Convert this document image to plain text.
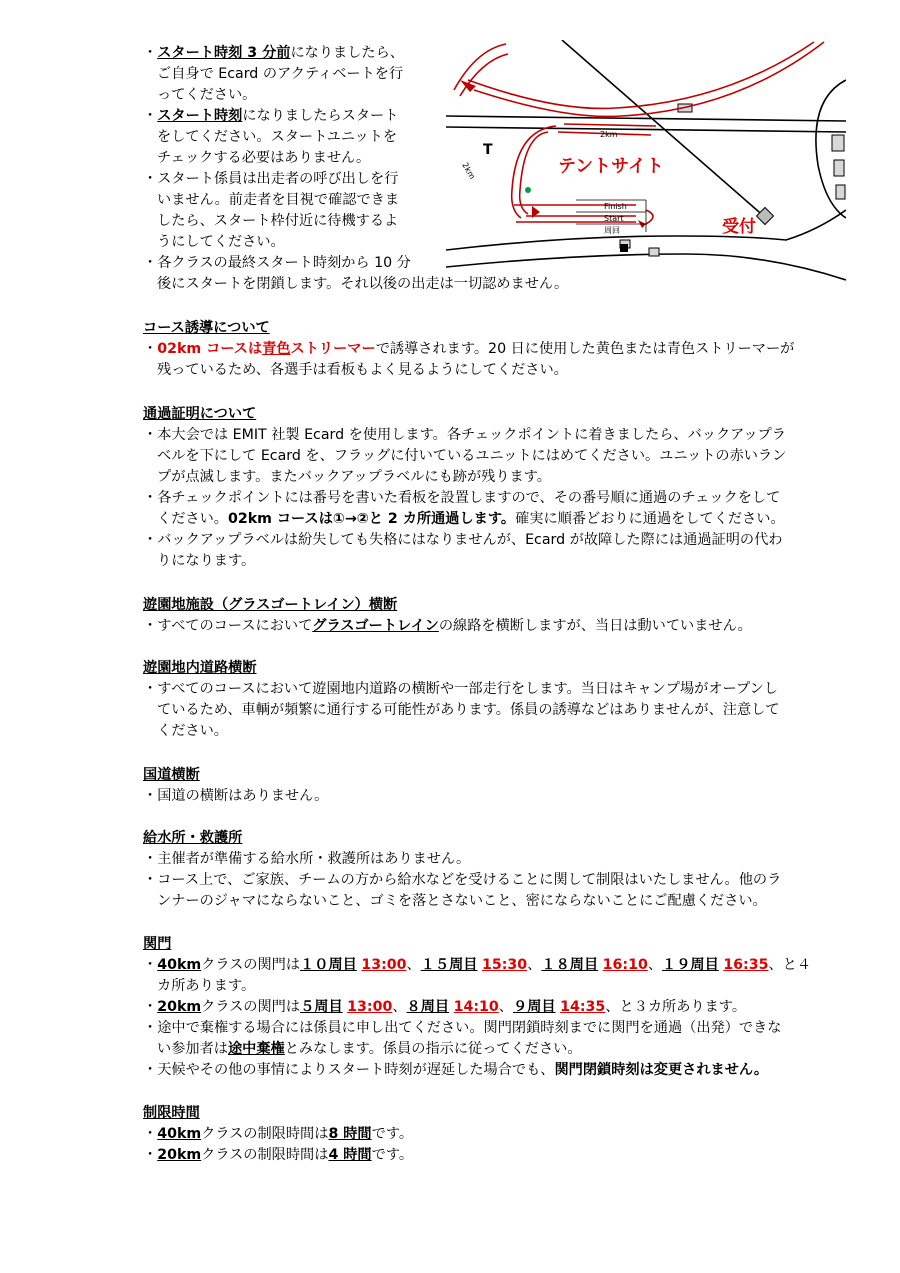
・スタート時刻 3 分前になりましたら、
ご自身で Ecard のアクティベートを行
ってください。
・スタート時刻になりましたらスタート
をしてください。スタートユニットを
チェックする必要はありません。
・スタート係員は出走者の呼び出しを行
いません。前走者を目視で確認できま
したら、スタート枠付近に待機するよ
うにしてください。
・各クラスの最終スタート時刻から 10 分
後にスタートを閉鎖します。それ以後の出走は一切認めません。
テントサイト
受付
2km
2km
Finish
Start
周回
T
コース誘導について
・02km コースは青色ストリーマーで誘導されます。20 日に使用した黄色または青色ストリーマーが
残っているため、各選手は看板もよく見るようにしてください。
通過証明について
・本大会では EMIT 社製 Ecard を使用します。各チェックポイントに着きましたら、バックアップラ
ベルを下にして Ecard を、フラッグに付いているユニットにはめてください。ユニットの赤いラン
プが点滅します。またバックアップラベルにも跡が残ります。
・各チェックポイントには番号を書いた看板を設置しますので、その番号順に通過のチェックをして
ください。02km コースは①→②と 2 カ所通過します。確実に順番どおりに通過をしてください。
・バックアップラベルは紛失しても失格にはなりませんが、Ecard が故障した際には通過証明の代わ
りになります。
遊園地施設（グラスゴートレイン）横断
・すべてのコースにおいてグラスゴートレインの線路を横断しますが、当日は動いていません。
遊園地内道路横断
・すべてのコースにおいて遊園地内道路の横断や一部走行をします。当日はキャンプ場がオープンし
ているため、車輌が頻繁に通行する可能性があります。係員の誘導などはありませんが、注意して
ください。
国道横断
・国道の横断はありません。
給水所・救護所
・主催者が準備する給水所・救護所はありません。
・コース上で、ご家族、チームの方から給水などを受けることに関して制限はいたしません。他のラ
ンナーのジャマにならないこと、ゴミを落とさないこと、密にならないことにご配慮ください。
関門
・40kmクラスの関門は１０周目 13:00、１５周目 15:30、１８周目 16:10、１９周目 16:35、と４
カ所あります。
・20kmクラスの関門は５周目 13:00、８周目 14:10、９周目 14:35、と３カ所あります。
・途中で棄権する場合には係員に申し出てください。関門閉鎖時刻までに関門を通過（出発）できな
い参加者は途中棄権とみなします。係員の指示に従ってください。
・天候やその他の事情によりスタート時刻が遅延した場合でも、関門閉鎖時刻は変更されません。
制限時間
・40kmクラスの制限時間は8 時間です。
・20kmクラスの制限時間は4 時間です。
